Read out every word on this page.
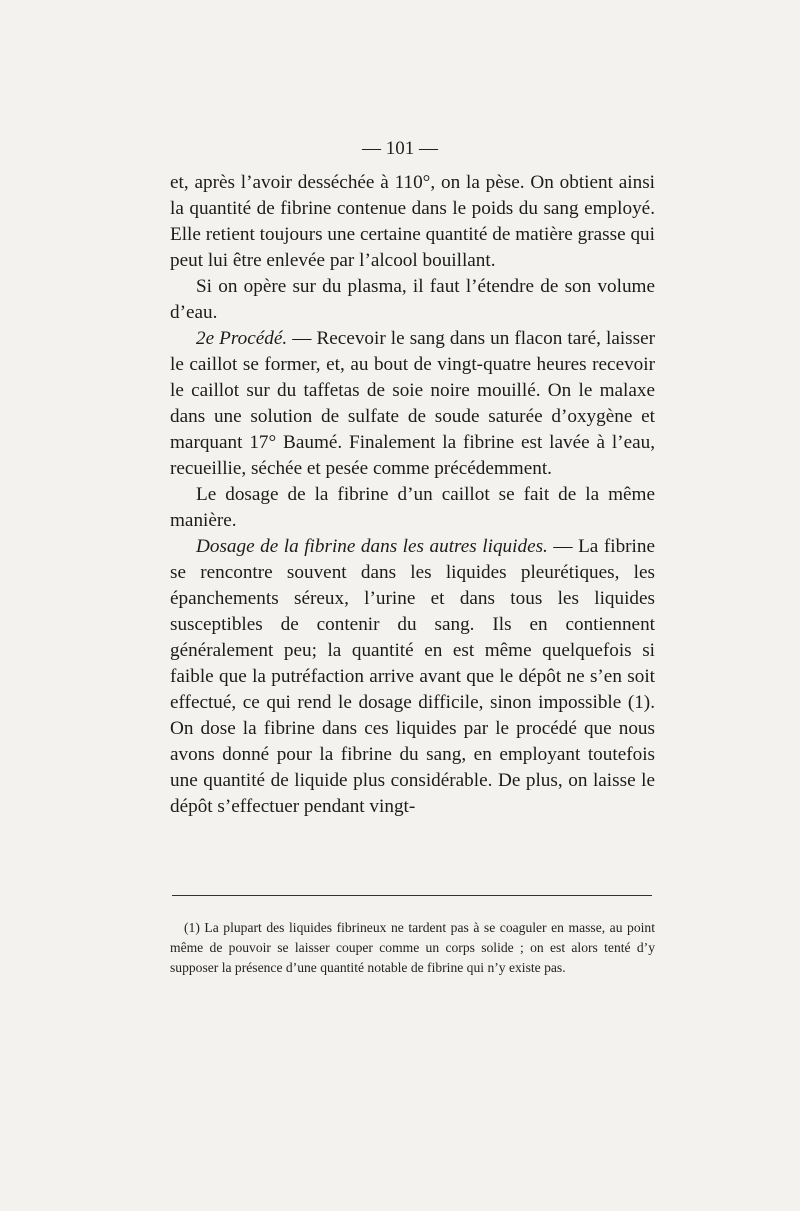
— 101 —

et, après l’avoir desséchée à 110°, on la pèse. On obtient ainsi la quantité de fibrine contenue dans le poids du sang employé. Elle retient toujours une certaine quantité de matière grasse qui peut lui être enlevée par l’alcool bouillant.

Si on opère sur du plasma, il faut l’étendre de son volume d’eau.

2e Procédé. — Recevoir le sang dans un flacon taré, laisser le caillot se former, et, au bout de vingt-quatre heures recevoir le caillot sur du taffetas de soie noire mouillé. On le malaxe dans une solution de sulfate de soude saturée d’oxygène et marquant 17° Baumé. Finalement la fibrine est lavée à l’eau, recueillie, séchée et pesée comme précédemment.

Le dosage de la fibrine d’un caillot se fait de la même manière.

Dosage de la fibrine dans les autres liquides. — La fibrine se rencontre souvent dans les liquides pleurétiques, les épanchements séreux, l’urine et dans tous les liquides susceptibles de contenir du sang. Ils en contiennent généralement peu; la quantité en est même quelquefois si faible que la putréfaction arrive avant que le dépôt ne s’en soit effectué, ce qui rend le dosage difficile, sinon impossible (1). On dose la fibrine dans ces liquides par le procédé que nous avons donné pour la fibrine du sang, en employant toutefois une quantité de liquide plus considérable. De plus, on laisse le dépôt s’effectuer pendant vingt-

(1) La plupart des liquides fibrineux ne tardent pas à se coaguler en masse, au point même de pouvoir se laisser couper comme un corps solide ; on est alors tenté d’y supposer la présence d’une quantité notable de fibrine qui n’y existe pas.
